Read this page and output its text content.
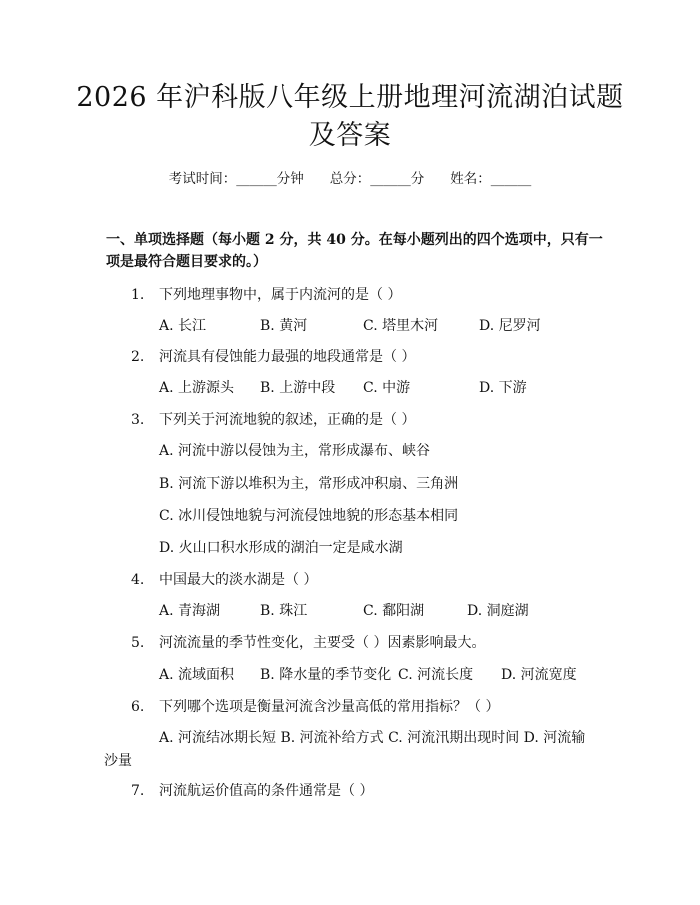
2026 年沪科版八年级上册地理河流湖泊试题
及答案
考试时间：______分钟 总分：______分 姓名：______
一、单项选择题（每小题 2 分，共 40 分。在每小题列出的四个选项中，只有一项是最符合题目要求的。）
1. 下列地理事物中，属于内流河的是（ ）
A. 长江	B. 黄河	C. 塔里木河	D. 尼罗河
2. 河流具有侵蚀能力最强的地段通常是（ ）
A. 上游源头 B. 上游中段 C. 中游	D. 下游
3. 下列关于河流地貌的叙述，正确的是（ ）
A. 河流中游以侵蚀为主，常形成瀑布、峡谷
B. 河流下游以堆积为主，常形成冲积扇、三角洲
C. 冰川侵蚀地貌与河流侵蚀地貌的形态基本相同
D. 火山口积水形成的湖泊一定是咸水湖
4. 中国最大的淡水湖是（ ）
A. 青海湖	B. 珠江	C. 鄱阳湖	D. 洞庭湖
5. 河流流量的季节性变化，主要受（ ）因素影响最大。
A. 流域面积 B. 降水量的季节变化 C. 河流长度 D. 河流宽度
6. 下列哪个选项是衡量河流含沙量高低的常用指标？（ ）
A. 河流结冰期长短 B. 河流补给方式 C. 河流汛期出现时间 D. 河流输
沙量
7. 河流航运价值高的条件通常是（ ）
